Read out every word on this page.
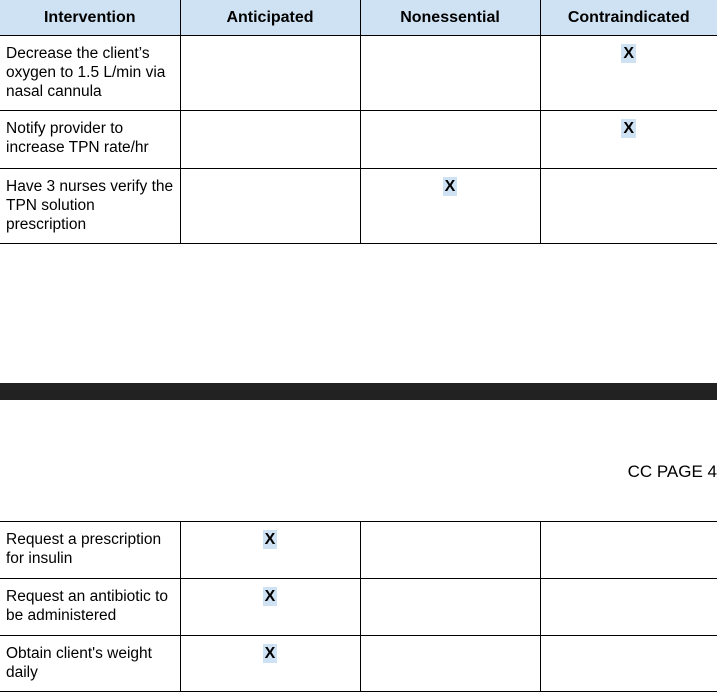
Intervention	Anticipated	Nonessential	Contraindicated
Decrease the client’s oxygen to 1.5 L/min via nasal cannula			X
Notify provider to increase TPN rate/hr			X
Have 3 nurses verify the TPN solution prescription		X	
CC PAGE 4
Request a prescription for insulin	X		
Request an antibiotic to be administered	X		
Obtain client's weight daily	X		
